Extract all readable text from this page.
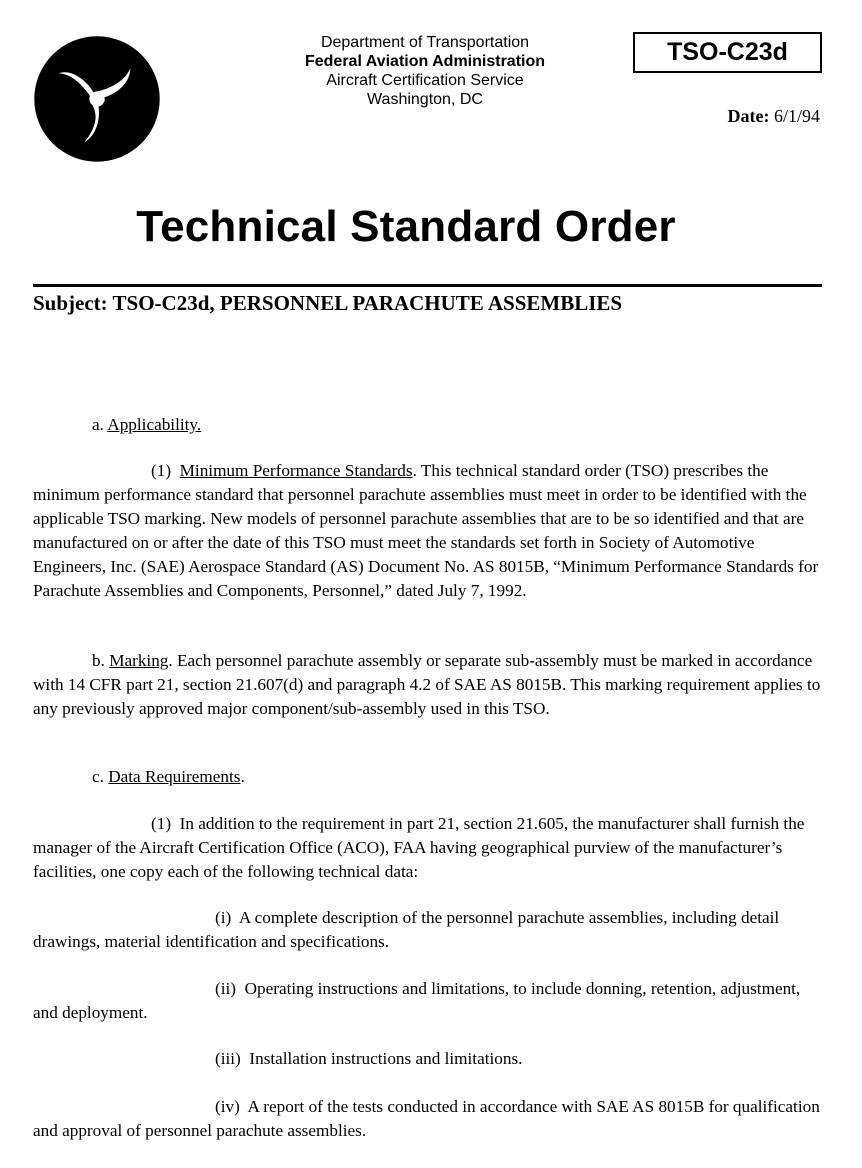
Department of Transportation
Federal Aviation Administration
Aircraft Certification Service
Washington, DC
TSO-C23d
Date: 6/1/94
Technical Standard Order
Subject: TSO-C23d, PERSONNEL PARACHUTE ASSEMBLIES
a. Applicability.

(1) Minimum Performance Standards. This technical standard order (TSO) prescribes the minimum performance standard that personnel parachute assemblies must meet in order to be identified with the applicable TSO marking. New models of personnel parachute assemblies that are to be so identified and that are manufactured on or after the date of this TSO must meet the standards set forth in Society of Automotive Engineers, Inc. (SAE) Aerospace Standard (AS) Document No. AS 8015B, “Minimum Performance Standards for Parachute Assemblies and Components, Personnel,” dated July 7, 1992.

b. Marking. Each personnel parachute assembly or separate sub-assembly must be marked in accordance with 14 CFR part 21, section 21.607(d) and paragraph 4.2 of SAE AS 8015B. This marking requirement applies to any previously approved major component/sub-assembly used in this TSO.

c. Data Requirements.

(1) In addition to the requirement in part 21, section 21.605, the manufacturer shall furnish the manager of the Aircraft Certification Office (ACO), FAA having geographical purview of the manufacturer’s facilities, one copy each of the following technical data:

(i) A complete description of the personnel parachute assemblies, including detail drawings, material identification and specifications.

(ii) Operating instructions and limitations, to include donning, retention, adjustment, and deployment.

(iii) Installation instructions and limitations.

(iv) A report of the tests conducted in accordance with SAE AS 8015B for qualification and approval of personnel parachute assemblies.
